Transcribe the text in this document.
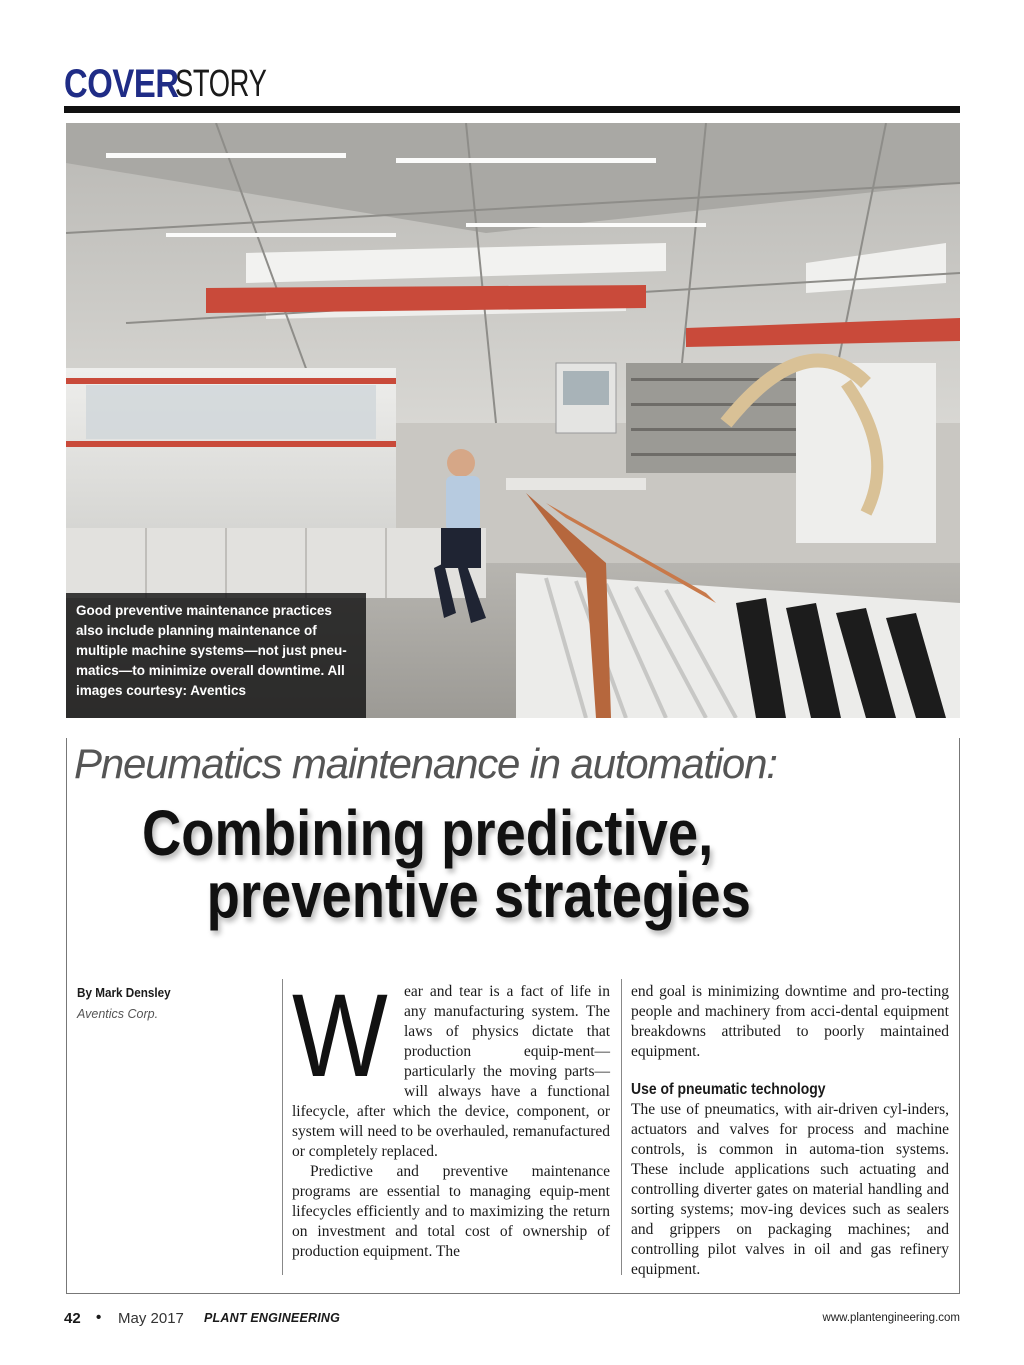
COVER
STORY
Good preventive maintenance practices also include planning maintenance of multiple machine systems—not just pneu-matics—to minimize overall downtime. All images courtesy: Aventics
Pneumatics maintenance in automation:
Combining predictive,
preventive strategies
By Mark Densley
Aventics Corp. W	ear and tear is a fact of life in any manufacturing system. The laws of physics dictate that production equip-ment—particularly the moving parts—will always have a functional lifecycle, after which the device, component, or system will need to be overhauled, remanufactured or completely replaced.

Predictive and preventive maintenance programs are essential to managing equip-ment lifecycles efficiently and to maximizing the return on investment and total cost of ownership of production equipment. The

end goal is minimizing downtime and pro-tecting people and machinery from acci-dental equipment breakdowns attributed to poorly maintained equipment.

Use of pneumatic technology

The use of pneumatics, with air-driven cyl-inders, actuators and valves for process and machine controls, is common in automa-tion systems. These include applications such actuating and controlling diverter gates on material handling and sorting systems; mov-ing devices such as sealers and grippers on packaging machines; and controlling pilot valves in oil and gas refinery equipment.

42 • May 2017 PLANT ENGINEERING	www.plantengineering.com
